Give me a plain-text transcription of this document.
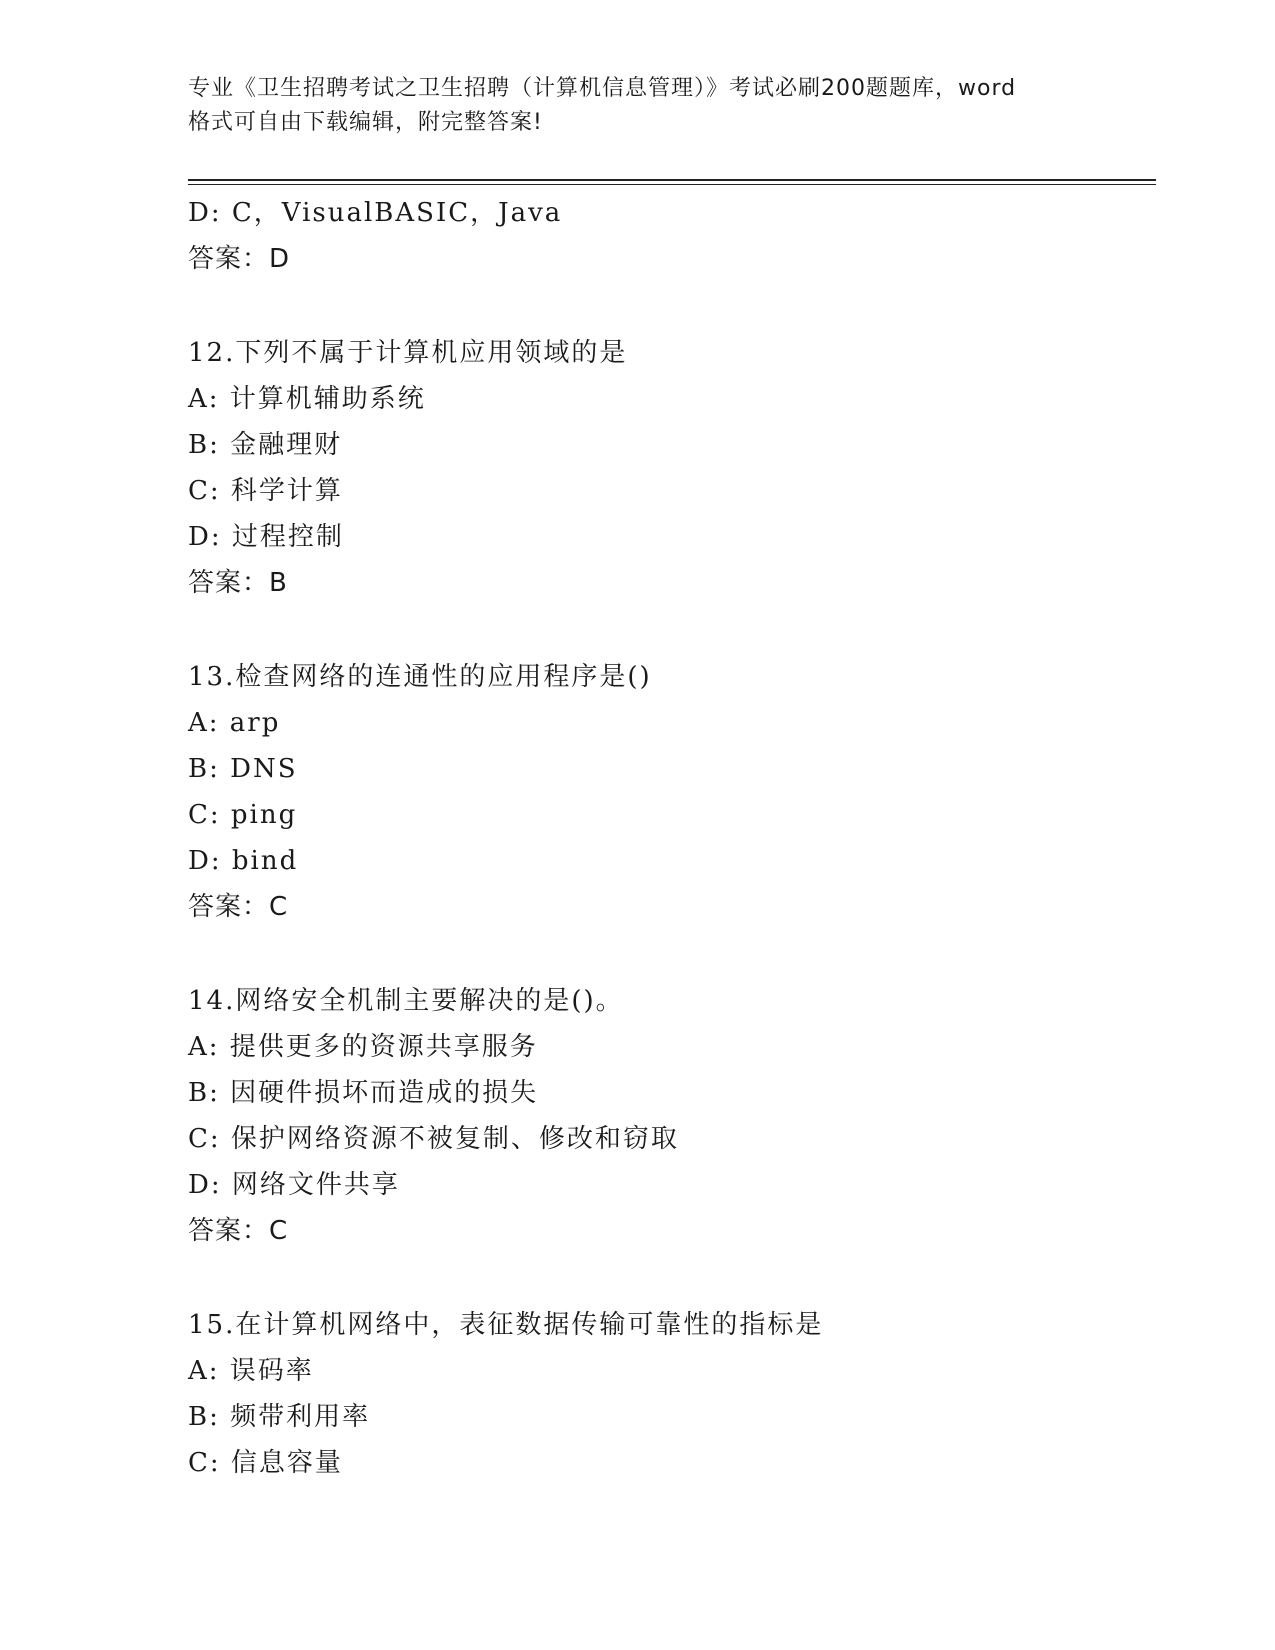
专业《卫生招聘考试之卫生招聘（计算机信息管理）》考试必刷200题题库，word
格式可自由下载编辑，附完整答案!
D: C，VisualBASIC，Java
答案：D
12.下列不属于计算机应用领域的是
A: 计算机辅助系统
B: 金融理财
C: 科学计算
D: 过程控制
答案：B
13.检查网络的连通性的应用程序是()
A: arp
B: DNS
C: ping
D: bind
答案：C
14.网络安全机制主要解决的是()。
A: 提供更多的资源共享服务
B: 因硬件损坏而造成的损失
C: 保护网络资源不被复制、修改和窃取
D: 网络文件共享
答案：C
15.在计算机网络中，表征数据传输可靠性的指标是
A: 误码率
B: 频带利用率
C: 信息容量
